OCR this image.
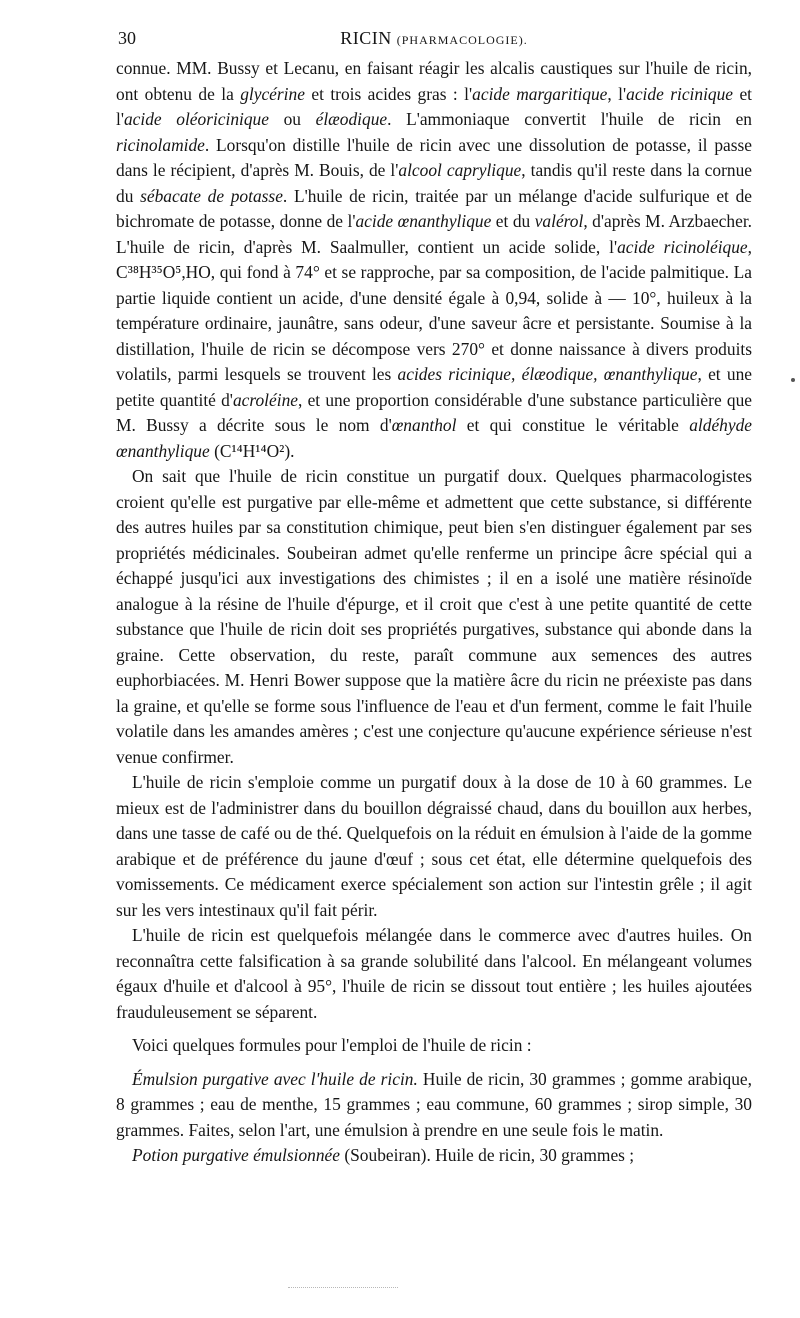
30	RICIN (PHARMACOLOGIE).

connue. MM. Bussy et Lecanu, en faisant réagir les alcalis caustiques sur l'huile de ricin, ont obtenu de la glycérine et trois acides gras : l'acide margaritique, l'acide ricinique et l'acide oléoricinique ou élæodique. L'ammoniaque convertit l'huile de ricin en ricinolamide. Lorsqu'on distille l'huile de ricin avec une dissolution de potasse, il passe dans le récipient, d'après M. Bouis, de l'alcool caprylique, tandis qu'il reste dans la cornue du sébacate de potasse. L'huile de ricin, traitée par un mélange d'acide sulfurique et de bichromate de potasse, donne de l'acide œnanthylique et du valérol, d'après M. Arzbaecher. L'huile de ricin, d'après M. Saalmuller, contient un acide solide, l'acide ricinoléique, C³⁸H³⁵O⁵,HO, qui fond à 74° et se rapproche, par sa composition, de l'acide palmitique. La partie liquide contient un acide, d'une densité égale à 0,94, solide à — 10°, huileux à la température ordinaire, jaunâtre, sans odeur, d'une saveur âcre et persistante. Soumise à la distillation, l'huile de ricin se décompose vers 270° et donne naissance à divers produits volatils, parmi lesquels se trouvent les acides ricinique, élæodique, œnanthylique, et une petite quantité d'acroléine, et une proportion considérable d'une substance particulière que M. Bussy a décrite sous le nom d'œnanthol et qui constitue le véritable aldéhyde œnanthylique (C¹⁴H¹⁴O²).

On sait que l'huile de ricin constitue un purgatif doux. Quelques pharmacologistes croient qu'elle est purgative par elle-même et admettent que cette substance, si différente des autres huiles par sa constitution chimique, peut bien s'en distinguer également par ses propriétés médicinales. Soubeiran admet qu'elle renferme un principe âcre spécial qui a échappé jusqu'ici aux investigations des chimistes ; il en a isolé une matière résinoïde analogue à la résine de l'huile d'épurge, et il croit que c'est à une petite quantité de cette substance que l'huile de ricin doit ses propriétés purgatives, substance qui abonde dans la graine. Cette observation, du reste, paraît commune aux semences des autres euphorbiacées. M. Henri Bower suppose que la matière âcre du ricin ne préexiste pas dans la graine, et qu'elle se forme sous l'influence de l'eau et d'un ferment, comme le fait l'huile volatile dans les amandes amères ; c'est une conjecture qu'aucune expérience sérieuse n'est venue confirmer.

L'huile de ricin s'emploie comme un purgatif doux à la dose de 10 à 60 grammes. Le mieux est de l'administrer dans du bouillon dégraissé chaud, dans du bouillon aux herbes, dans une tasse de café ou de thé. Quelquefois on la réduit en émulsion à l'aide de la gomme arabique et de préférence du jaune d'œuf ; sous cet état, elle détermine quelquefois des vomissements. Ce médicament exerce spécialement son action sur l'intestin grêle ; il agit sur les vers intestinaux qu'il fait périr.

L'huile de ricin est quelquefois mélangée dans le commerce avec d'autres huiles. On reconnaîtra cette falsification à sa grande solubilité dans l'alcool. En mélangeant volumes égaux d'huile et d'alcool à 95°, l'huile de ricin se dissout tout entière ; les huiles ajoutées frauduleusement se séparent.

Voici quelques formules pour l'emploi de l'huile de ricin :

Émulsion purgative avec l'huile de ricin. Huile de ricin, 30 grammes ; gomme arabique, 8 grammes ; eau de menthe, 15 grammes ; eau commune, 60 grammes ; sirop simple, 30 grammes. Faites, selon l'art, une émulsion à prendre en une seule fois le matin.

Potion purgative émulsionnée (Soubeiran). Huile de ricin, 30 grammes ;
